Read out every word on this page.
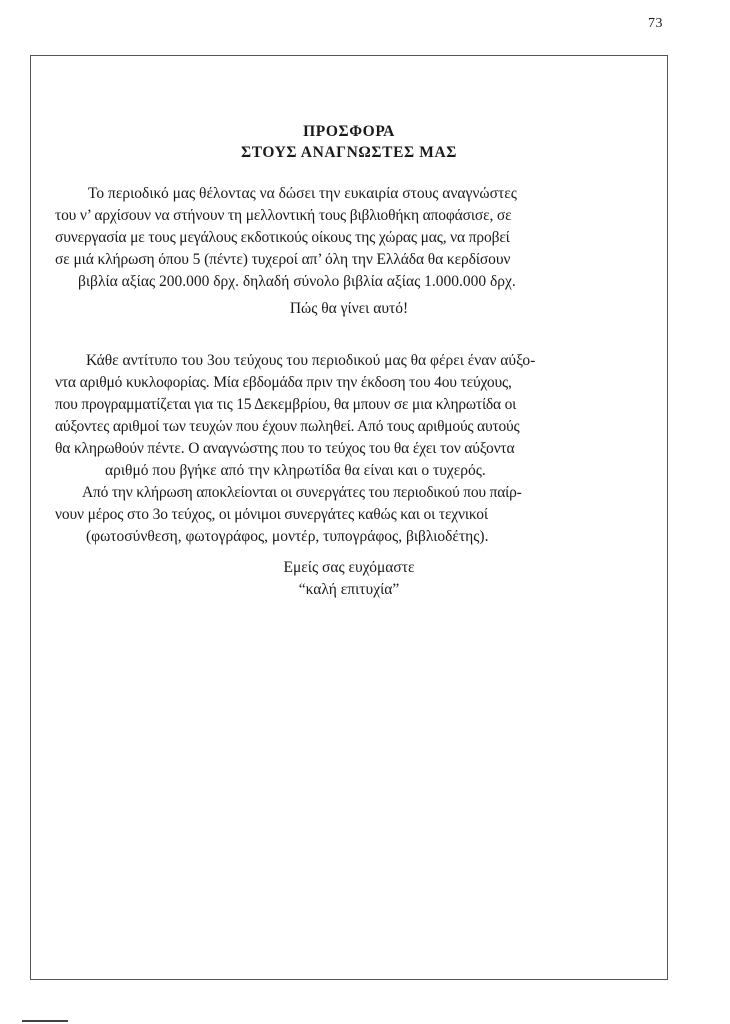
73
ΠΡΟΣΦΟΡΑ
ΣΤΟΥΣ ΑΝΑΓΝΩΣΤΕΣ ΜΑΣ
Το περιοδικό μας θέλοντας να δώσει την ευκαιρία στους αναγνώστες
του ν’ αρχίσουν να στήνουν τη μελλοντική τους βιβλιοθήκη αποφάσισε, σε
συνεργασία με τους μεγάλους εκδοτικούς οίκους της χώρας μας, να προβεί
σε μιά κλήρωση όπου 5 (πέντε) τυχεροί απ’ όλη την Ελλάδα θα κερδίσουν
βιβλία αξίας 200.000 δρχ. δηλαδή σύνολο βιβλία αξίας 1.000.000 δρχ.
Πώς θα γίνει αυτό!
Κάθε αντίτυπο του 3ου τεύχους του περιοδικού μας θα φέρει έναν αύξο-
ντα αριθμό κυκλοφορίας. Μία εβδομάδα πριν την έκδοση του 4ου τεύχους,
που προγραμματίζεται για τις 15 Δεκεμβρίου, θα μπουν σε μια κληρωτίδα οι
αύξοντες αριθμοί των τευχών που έχουν πωληθεί. Από τους αριθμούς αυτούς
θα κληρωθούν πέντε. Ο αναγνώστης που το τεύχος του θα έχει τον αύξοντα
αριθμό που βγήκε από την κληρωτίδα θα είναι και ο τυχερός.
Από την κλήρωση αποκλείονται οι συνεργάτες του περιοδικού που παίρ-
νουν μέρος στο 3ο τεύχος, οι μόνιμοι συνεργάτες καθώς και οι τεχνικοί
(φωτοσύνθεση, φωτογράφος, μοντέρ, τυπογράφος, βιβλιοδέτης).
Εμείς σας ευχόμαστε
“καλή επιτυχία”
